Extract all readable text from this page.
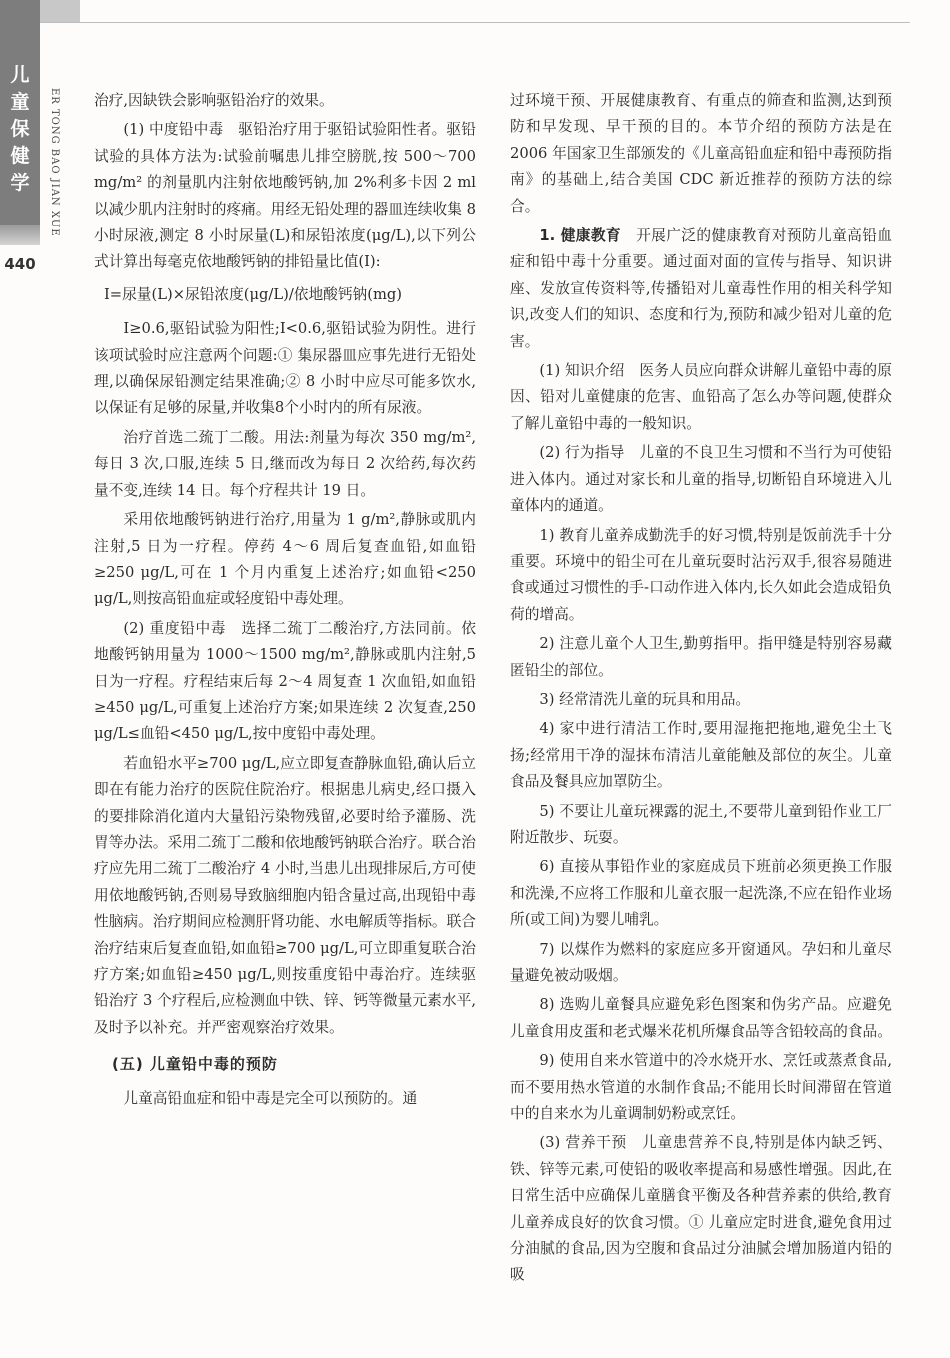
儿
童
保
健
学	ER TONG BAO JIAN XUE
440

治疗,因缺铁会影响驱铅治疗的效果。

(1) 中度铅中毒　驱铅治疗用于驱铅试验阳性者。驱铅试验的具体方法为:试验前嘱患儿排空膀胱,按 500～700 mg/m² 的剂量肌内注射依地酸钙钠,加 2%利多卡因 2 ml 以减少肌内注射时的疼痛。用经无铅处理的器皿连续收集 8 小时尿液,测定 8 小时尿量(L)和尿铅浓度(μg/L),以下列公式计算出每毫克依地酸钙钠的排铅量比值(I):

I=尿量(L)×尿铅浓度(μg/L)/依地酸钙钠(mg)

I≥0.6,驱铅试验为阳性;I<0.6,驱铅试验为阴性。进行该项试验时应注意两个问题:① 集尿器皿应事先进行无铅处理,以确保尿铅测定结果准确;② 8 小时中应尽可能多饮水,以保证有足够的尿量,并收集8个小时内的所有尿液。

治疗首选二巯丁二酸。用法:剂量为每次 350 mg/m²,每日 3 次,口服,连续 5 日,继而改为每日 2 次给药,每次药量不变,连续 14 日。每个疗程共计 19 日。

采用依地酸钙钠进行治疗,用量为 1 g/m²,静脉或肌内注射,5 日为一疗程。停药 4～6 周后复查血铅,如血铅≥250 μg/L,可在 1 个月内重复上述治疗;如血铅<250 μg/L,则按高铅血症或轻度铅中毒处理。

(2) 重度铅中毒　选择二巯丁二酸治疗,方法同前。依地酸钙钠用量为 1000～1500 mg/m²,静脉或肌内注射,5 日为一疗程。疗程结束后每 2～4 周复查 1 次血铅,如血铅≥450 μg/L,可重复上述治疗方案;如果连续 2 次复查,250 μg/L≤血铅<450 μg/L,按中度铅中毒处理。

若血铅水平≥700 μg/L,应立即复查静脉血铅,确认后立即在有能力治疗的医院住院治疗。根据患儿病史,经口摄入的要排除消化道内大量铅污染物残留,必要时给予灌肠、洗胃等办法。采用二巯丁二酸和依地酸钙钠联合治疗。联合治疗应先用二巯丁二酸治疗 4 小时,当患儿出现排尿后,方可使用依地酸钙钠,否则易导致脑细胞内铅含量过高,出现铅中毒性脑病。治疗期间应检测肝肾功能、水电解质等指标。联合治疗结束后复查血铅,如血铅≥700 μg/L,可立即重复联合治疗方案;如血铅≥450 μg/L,则按重度铅中毒治疗。连续驱铅治疗 3 个疗程后,应检测血中铁、锌、钙等微量元素水平,及时予以补充。并严密观察治疗效果。

(五) 儿童铅中毒的预防

儿童高铅血症和铅中毒是完全可以预防的。通

过环境干预、开展健康教育、有重点的筛查和监测,达到预防和早发现、早干预的目的。本节介绍的预防方法是在 2006 年国家卫生部颁发的《儿童高铅血症和铅中毒预防指南》的基础上,结合美国 CDC 新近推荐的预防方法的综合。

1. 健康教育　开展广泛的健康教育对预防儿童高铅血症和铅中毒十分重要。通过面对面的宣传与指导、知识讲座、发放宣传资料等,传播铅对儿童毒性作用的相关科学知识,改变人们的知识、态度和行为,预防和减少铅对儿童的危害。

(1) 知识介绍　医务人员应向群众讲解儿童铅中毒的原因、铅对儿童健康的危害、血铅高了怎么办等问题,使群众了解儿童铅中毒的一般知识。

(2) 行为指导　儿童的不良卫生习惯和不当行为可使铅进入体内。通过对家长和儿童的指导,切断铅自环境进入儿童体内的通道。

1) 教育儿童养成勤洗手的好习惯,特别是饭前洗手十分重要。环境中的铅尘可在儿童玩耍时沾污双手,很容易随进食或通过习惯性的手-口动作进入体内,长久如此会造成铅负荷的增高。

2) 注意儿童个人卫生,勤剪指甲。指甲缝是特别容易藏匿铅尘的部位。

3) 经常清洗儿童的玩具和用品。

4) 家中进行清洁工作时,要用湿拖把拖地,避免尘土飞扬;经常用干净的湿抹布清洁儿童能触及部位的灰尘。儿童食品及餐具应加罩防尘。

5) 不要让儿童玩裸露的泥土,不要带儿童到铅作业工厂附近散步、玩耍。

6) 直接从事铅作业的家庭成员下班前必须更换工作服和洗澡,不应将工作服和儿童衣服一起洗涤,不应在铅作业场所(或工间)为婴儿哺乳。

7) 以煤作为燃料的家庭应多开窗通风。孕妇和儿童尽量避免被动吸烟。

8) 选购儿童餐具应避免彩色图案和伪劣产品。应避免儿童食用皮蛋和老式爆米花机所爆食品等含铅较高的食品。

9) 使用自来水管道中的冷水烧开水、烹饪或蒸煮食品,而不要用热水管道的水制作食品;不能用长时间滞留在管道中的自来水为儿童调制奶粉或烹饪。

(3) 营养干预　儿童患营养不良,特别是体内缺乏钙、铁、锌等元素,可使铅的吸收率提高和易感性增强。因此,在日常生活中应确保儿童膳食平衡及各种营养素的供给,教育儿童养成良好的饮食习惯。① 儿童应定时进食,避免食用过分油腻的食品,因为空腹和食品过分油腻会增加肠道内铅的吸
